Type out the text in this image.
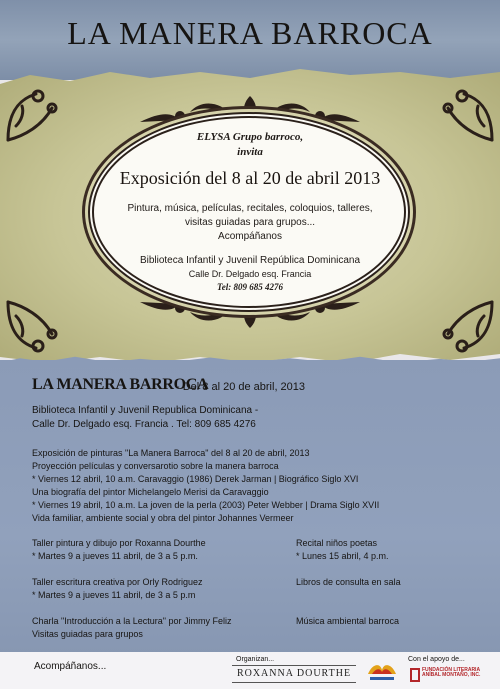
LA MANERA BARROCA
ELYSA Grupo barroco,
invita
Exposición del 8 al 20 de abril 2013
Pintura, música, películas, recitales, coloquios, talleres,
visitas guiadas para grupos...
Acompáñanos
Biblioteca Infantil y Juvenil República Dominicana
Calle Dr. Delgado esq. Francia
Tel: 809 685 4276
LA MANERA BARROCA
- Del 8 al 20 de abril, 2013
Biblioteca Infantil y Juvenil Republica Dominicana -
Calle Dr. Delgado esq. Francia . Tel: 809 685 4276
Exposición de pinturas "La Manera Barroca" del 8 al 20 de abril, 2013
Proyección películas y conversarotio sobre la manera barroca
* Viernes 12 abril, 10 a.m. Caravaggio (1986) Derek Jarman | Biográfico Siglo XVI
Una biografía del pintor Michelangelo Merisi da Caravaggio
* Viernes 19 abril, 10 a.m. La joven de la perla (2003) Peter Webber | Drama Siglo XVII
Vida familiar, ambiente social y obra del pintor Johannes Vermeer
Taller pintura y dibujo por Roxanna Dourthe
* Martes 9 a jueves 11 abril, de 3 a 5 p.m.
Recital niños poetas
* Lunes 15 abril, 4 p.m.
Taller escritura creativa por Orly Rodriguez
* Martes 9 a jueves 11 abril, de 3 a 5 p.m
Libros de consulta en sala
Charla "Introducción a la Lectura" por Jimmy Feliz
Visitas guiadas para grupos
Música ambiental barroca
Acompáñanos...
Organizan...
ROXANNA DOURTHE
Con el apoyo de...
FUNDACIÓN LITERARIA ANÍBAL MONTAÑO, INC.
